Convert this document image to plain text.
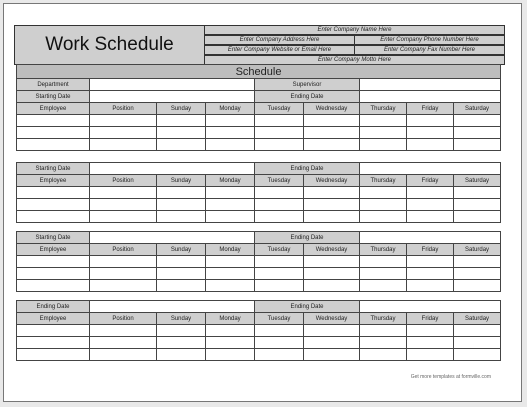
Work Schedule
Enter Company Name Here
Enter Company Address Here	Enter Company Phone Number Here
Enter Company Website or Email Here	Enter Company Fax Number Here
Enter Company Motto Here
Schedule								
Department				Supervisor				
Starting Date				Ending Date				
Employee	Position	Sunday	Monday	Tuesday	Wednesday	Thursday	Friday	Saturday

Starting Date				Ending Date				
Employee	Position	Sunday	Monday	Tuesday	Wednesday	Thursday	Friday	Saturday

Starting Date				Ending Date				
Employee	Position	Sunday	Monday	Tuesday	Wednesday	Thursday	Friday	Saturday

Ending Date				Ending Date				
Employee	Position	Sunday	Monday	Tuesday	Wednesday	Thursday	Friday	Saturday

Get more templates at formville.com
